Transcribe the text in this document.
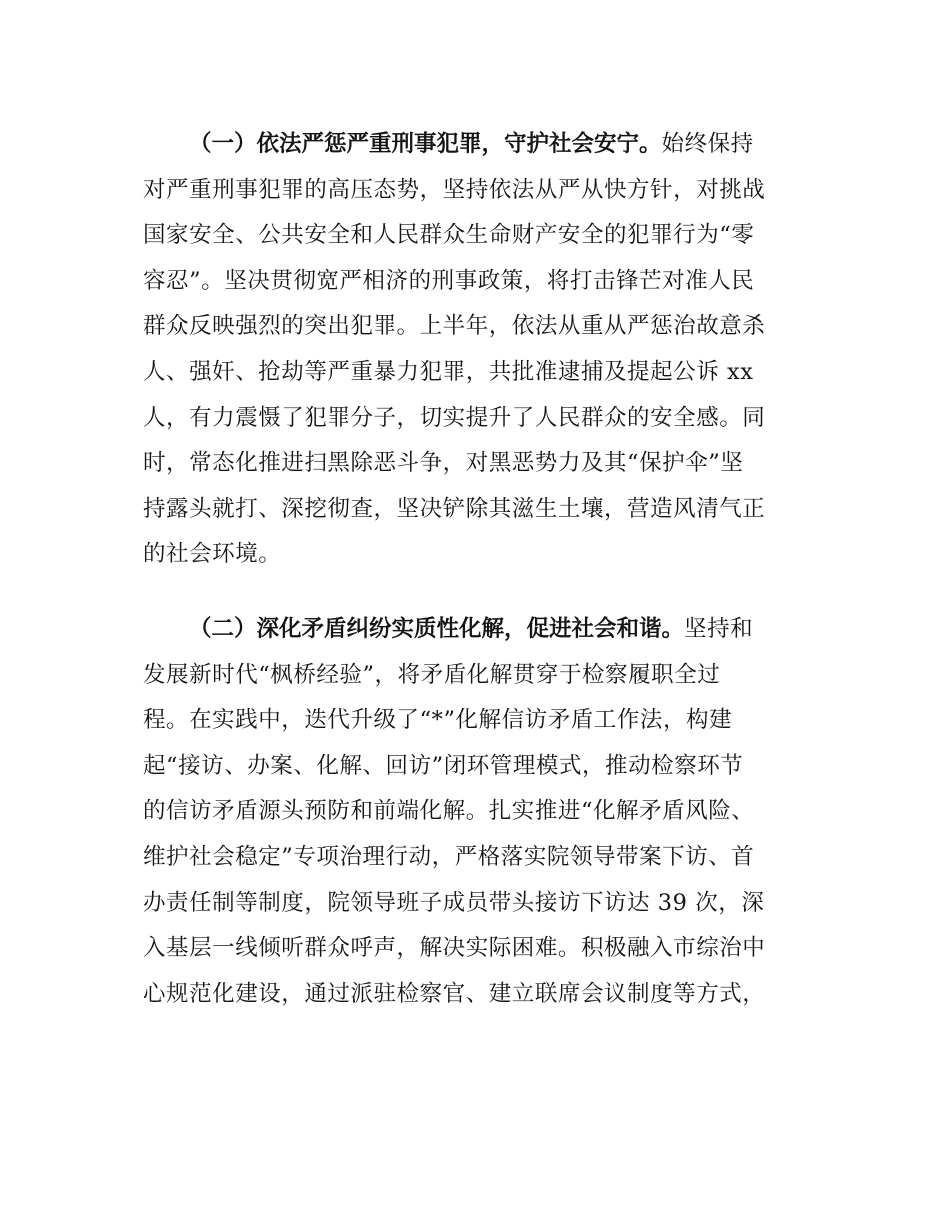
（一）依法严惩严重刑事犯罪，守护社会安宁。始终保持
对严重刑事犯罪的高压态势，坚持依法从严从快方针，对挑战
国家安全、公共安全和人民群众生命财产安全的犯罪行为“零
容忍”。坚决贯彻宽严相济的刑事政策，将打击锋芒对准人民
群众反映强烈的突出犯罪。上半年，依法从重从严惩治故意杀
人、强奸、抢劫等严重暴力犯罪，共批准逮捕及提起公诉 xx
人，有力震慑了犯罪分子，切实提升了人民群众的安全感。同
时，常态化推进扫黑除恶斗争，对黑恶势力及其“保护伞”坚
持露头就打、深挖彻查，坚决铲除其滋生土壤，营造风清气正
的社会环境。
（二）深化矛盾纠纷实质性化解，促进社会和谐。坚持和
发展新时代“枫桥经验”，将矛盾化解贯穿于检察履职全过
程。在实践中，迭代升级了“*”化解信访矛盾工作法，构建
起“接访、办案、化解、回访”闭环管理模式，推动检察环节
的信访矛盾源头预防和前端化解。扎实推进“化解矛盾风险、
维护社会稳定”专项治理行动，严格落实院领导带案下访、首
办责任制等制度，院领导班子成员带头接访下访达 39 次，深
入基层一线倾听群众呼声，解决实际困难。积极融入市综治中
心规范化建设，通过派驻检察官、建立联席会议制度等方式，
